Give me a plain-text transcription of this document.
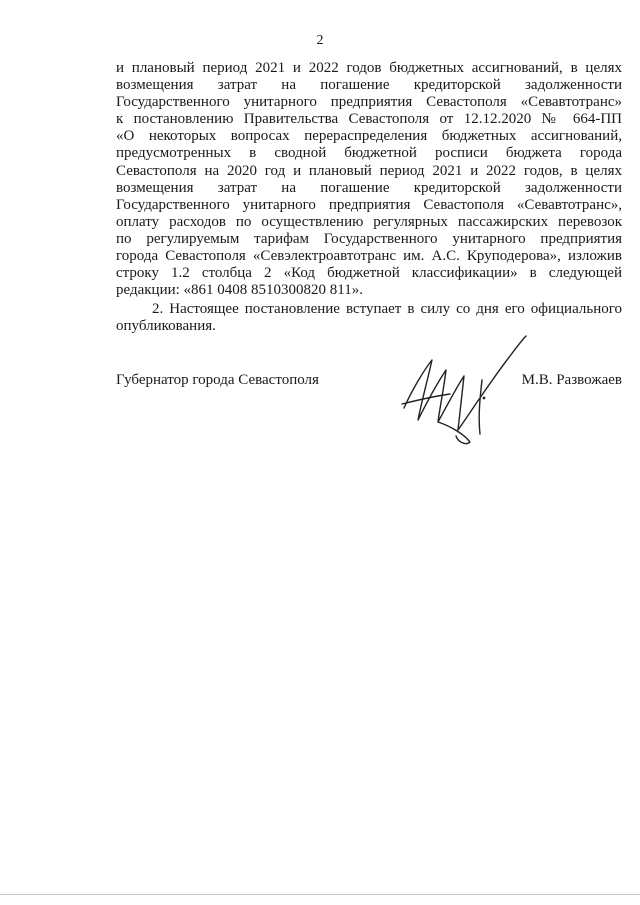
2

и плановый период 2021 и 2022 годов бюджетных ассигнований, в целях

возмещения затрат на погашение кредиторской задолженности

Государственного унитарного предприятия Севастополя «Севавтотранс»

к постановлению Правительства Севастополя от 12.12.2020 № 664-ПП

«О некоторых вопросах перераспределения бюджетных ассигнований,

предусмотренных в сводной бюджетной росписи бюджета города

Севастополя на 2020 год и плановый период 2021 и 2022 годов, в целях

возмещения затрат на погашение кредиторской задолженности

Государственного унитарного предприятия Севастополя «Севавтотранс»,

оплату расходов по осуществлению регулярных пассажирских перевозок

по регулируемым тарифам Государственного унитарного предприятия

города Севастополя «Севэлектроавтотранс им. А.С. Круподерова», изложив

строку 1.2 столбца 2 «Код бюджетной классификации» в следующей

редакции: «861 0408 8510300820 811».

2. Настоящее постановление вступает в силу со дня его официального

опубликования.

Губернатор города Севастополя	М.В. Развожаев
